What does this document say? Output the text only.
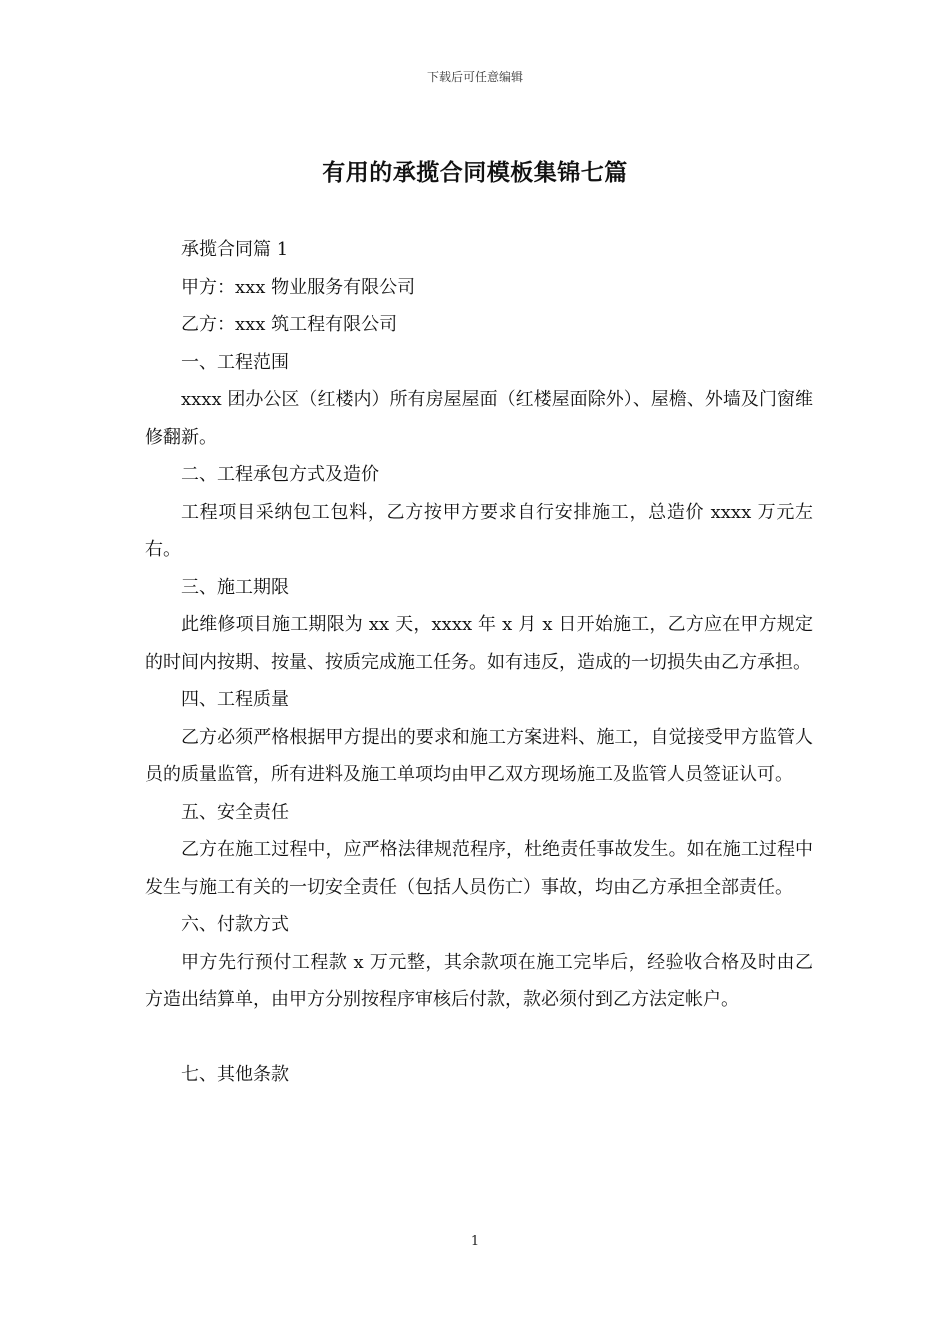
下载后可任意编辑
有用的承揽合同模板集锦七篇

承揽合同篇 1

甲方：xxx 物业服务有限公司

乙方：xxx 筑工程有限公司

一、工程范围

xxxx 团办公区（红楼内）所有房屋屋面（红楼屋面除外）、屋檐、外墙及门窗维修翻新。

二、工程承包方式及造价

工程项目采纳包工包料，乙方按甲方要求自行安排施工，总造价 xxxx 万元左右。

三、施工期限

此维修项目施工期限为 xx 天，xxxx 年 x 月 x 日开始施工，乙方应在甲方规定的时间内按期、按量、按质完成施工任务。如有违反，造成的一切损失由乙方承担。

四、工程质量

乙方必须严格根据甲方提出的要求和施工方案进料、施工，自觉接受甲方监管人员的质量监管，所有进料及施工单项均由甲乙双方现场施工及监管人员签证认可。

五、安全责任

乙方在施工过程中，应严格法律规范程序，杜绝责任事故发生。如在施工过程中发生与施工有关的一切安全责任（包括人员伤亡）事故，均由乙方承担全部责任。

六、付款方式

甲方先行预付工程款 x 万元整，其余款项在施工完毕后，经验收合格及时由乙方造出结算单，由甲方分别按程序审核后付款，款必须付到乙方法定帐户。

七、其他条款

1
